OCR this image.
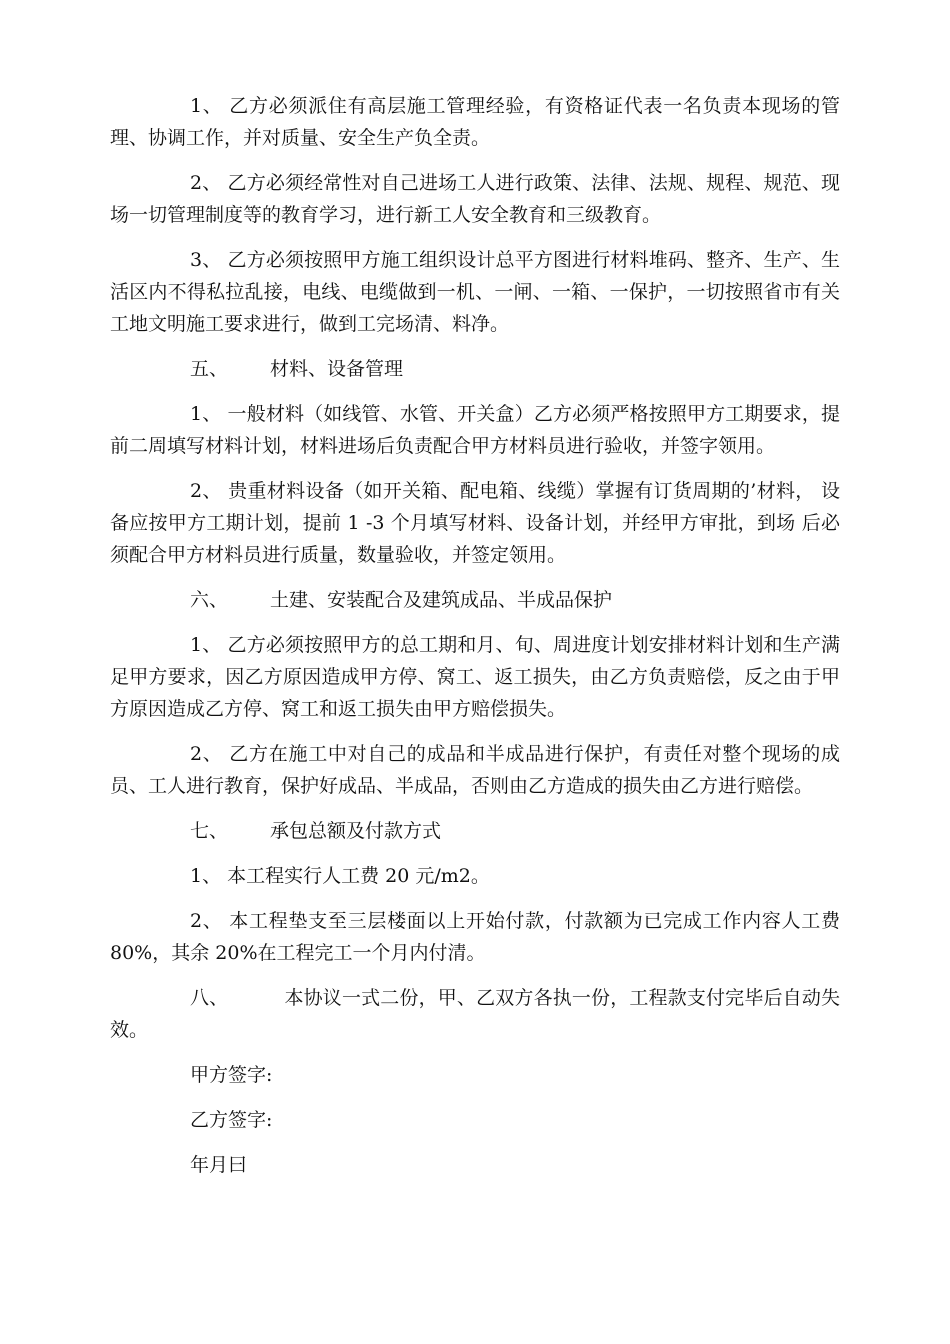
1、 乙方必须派住有高层施工管理经验，有资格证代表一名负责本现场的管理、协调工作，并对质量、安全生产负全责。

2、 乙方必须经常性对自己进场工人进行政策、法律、法规、规程、规范、现场一切管理制度等的教育学习，进行新工人安全教育和三级教育。

3、 乙方必须按照甲方施工组织设计总平方图进行材料堆码、整齐、生产、生活区内不得私拉乱接，电线、电缆做到一机、一闸、一箱、一保护，一切按照省市有关工地文明施工要求进行，做到工完场清、料净。

五、 材料、设备管理

1、 一般材料（如线管、水管、开关盒）乙方必须严格按照甲方工期要求，提前二周填写材料计划，材料进场后负责配合甲方材料员进行验收，并签字领用。

2、 贵重材料设备（如开关箱、配电箱、线缆）掌握有订货周期的’材料， 设备应按甲方工期计划，提前 1 -3 个月填写材料、设备计划，并经甲方审批，到场 后必须配合甲方材料员进行质量，数量验收，并签定领用。

六、 土建、安装配合及建筑成品、半成品保护

1、 乙方必须按照甲方的总工期和月、旬、周进度计划安排材料计划和生产满足甲方要求，因乙方原因造成甲方停、窝工、返工损失，由乙方负责赔偿，反之由于甲方原因造成乙方停、窝工和返工损失由甲方赔偿损失。

2、 乙方在施工中对自己的成品和半成品进行保护，有责任对整个现场的成员、工人进行教育，保护好成品、半成品，否则由乙方造成的损失由乙方进行赔偿。

七、 承包总额及付款方式

1、 本工程实行人工费 20 元/m2。

2、 本工程垫支至三层楼面以上开始付款，付款额为已完成工作内容人工费 80%，其余 20%在工程完工一个月内付清。

八、	本协议一式二份，甲、乙双方各执一份，工程款支付完毕后自动失 效。

甲方签字:
乙方签字:
年月曰
